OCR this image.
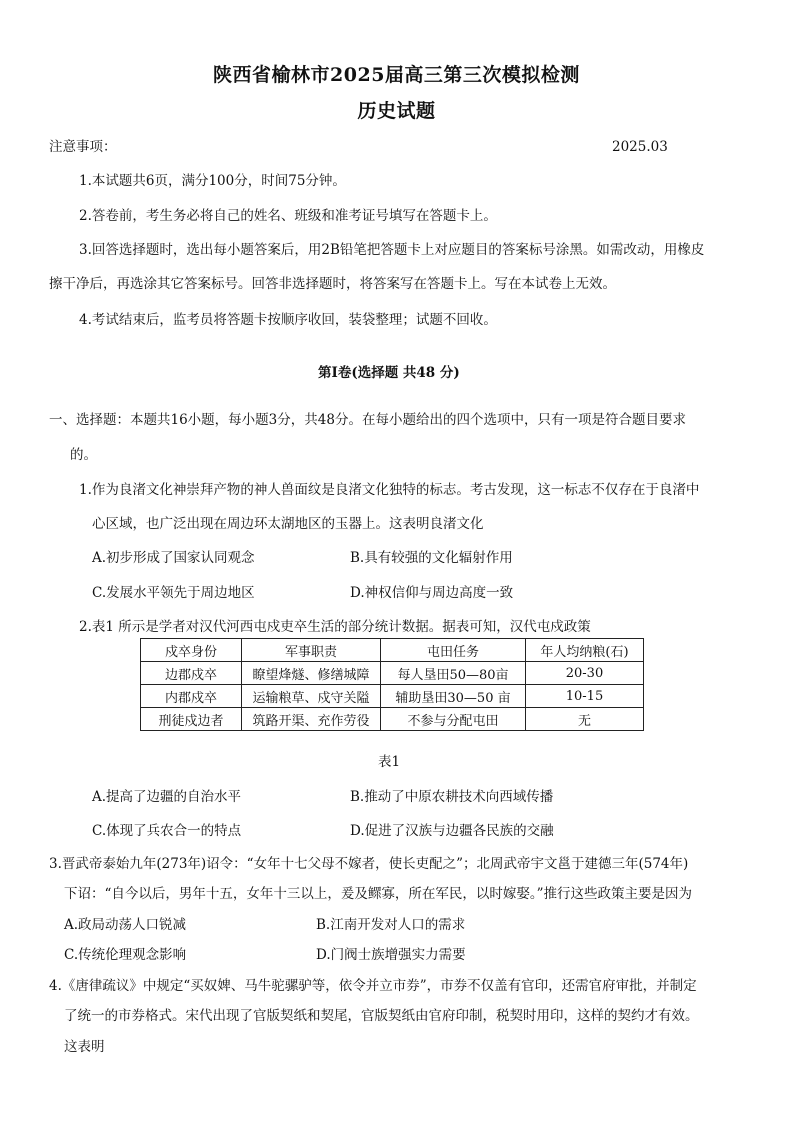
陕西省榆林市2025届高三第三次模拟检测
历史试题
注意事项：	2025.03
1.本试题共6页，满分100分，时间75分钟。
2.答卷前，考生务必将自己的姓名、班级和准考证号填写在答题卡上。
3.回答选择题时，选出每小题答案后，用2B铅笔把答题卡上对应题目的答案标号涂黑。如需改动，用橡皮
擦干净后，再选涂其它答案标号。回答非选择题时，将答案写在答题卡上。写在本试卷上无效。
4.考试结束后，监考员将答题卡按顺序收回，装袋整理；试题不回收。
第Ⅰ卷(选择题 共48 分)
一、选择题：本题共16小题，每小题3分，共48分。在每小题给出的四个选项中，只有一项是符合题目要求
的。
1.作为良渚文化神崇拜产物的神人兽面纹是良渚文化独特的标志。考古发现，这一标志不仅存在于良渚中
心区域，也广泛出现在周边环太湖地区的玉器上。这表明良渚文化
A.初步形成了国家认同观念	B.具有较强的文化辐射作用
C.发展水平领先于周边地区	D.神权信仰与周边高度一致
2.表1 所示是学者对汉代河西屯戍吏卒生活的部分统计数据。据表可知，汉代屯戍政策
戍卒身份	军事职责	屯田任务	年人均纳粮(石)
边郡戍卒	瞭望烽燧、修缮城障	每人垦田50—80亩	20-30
内郡戍卒	运输粮草、戍守关隘	辅助垦田30—50 亩	10-15
刑徒戍边者	筑路开渠、充作劳役	不参与分配屯田	无
表1
A.提高了边疆的自治水平	B.推动了中原农耕技术向西域传播
C.体现了兵农合一的特点	D.促进了汉族与边疆各民族的交融
3.晋武帝泰始九年(273年)诏令：“女年十七父母不嫁者，使长吏配之”；北周武帝宇文邕于建德三年(574年)
下诏：“自今以后，男年十五，女年十三以上，爰及鳏寡，所在军民，以时嫁娶。”推行这些政策主要是因为
A.政局动荡人口锐减	B.江南开发对人口的需求
C.传统伦理观念影响	D.门阀士族增强实力需要
4.《唐律疏议》中规定“买奴婢、马牛驼骡驴等，依令并立市券”，市券不仅盖有官印，还需官府审批，并制定
了统一的市券格式。宋代出现了官版契纸和契尾，官版契纸由官府印制，税契时用印，这样的契约才有效。
这表明
